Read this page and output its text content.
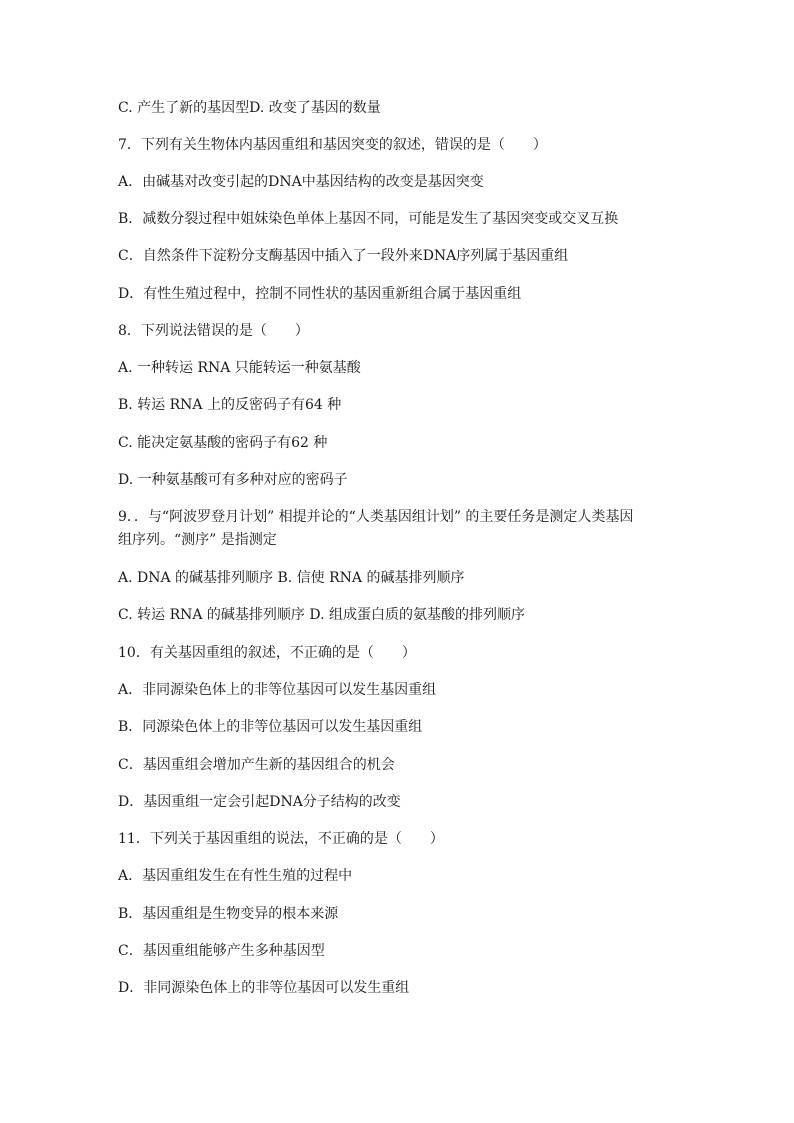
C. 产生了新的基因型D. 改变了基因的数量
7．下列有关生物体内基因重组和基因突变的叙述，错误的是（　　）
A．由碱基对改变引起的DNA中基因结构的改变是基因突变
B．减数分裂过程中姐妹染色单体上基因不同，可能是发生了基因突变或交叉互换
C．自然条件下淀粉分支酶基因中插入了一段外来DNA序列属于基因重组
D．有性生殖过程中，控制不同性状的基因重新组合属于基因重组
8．下列说法错误的是（　　）
A. 一种转运 RNA 只能转运一种氨基酸
B. 转运 RNA 上的反密码子有64 种
C. 能决定氨基酸的密码子有62 种
D. 一种氨基酸可有多种对应的密码子
9．．与“阿波罗登月计划” 相提并论的“人类基因组计划” 的主要任务是测定人类基因
组序列。“测序” 是指测定
A. DNA 的碱基排列顺序 B. 信使 RNA 的碱基排列顺序
C. 转运 RNA 的碱基排列顺序 D. 组成蛋白质的氨基酸的排列顺序
10．有关基因重组的叙述，不正确的是（　　）
A．非同源染色体上的非等位基因可以发生基因重组
B．同源染色体上的非等位基因可以发生基因重组
C．基因重组会增加产生新的基因组合的机会
D．基因重组一定会引起DNA分子结构的改变
11．下列关于基因重组的说法，不正确的是（　　）
A．基因重组发生在有性生殖的过程中
B．基因重组是生物变异的根本来源
C．基因重组能够产生多种基因型
D．非同源染色体上的非等位基因可以发生重组
